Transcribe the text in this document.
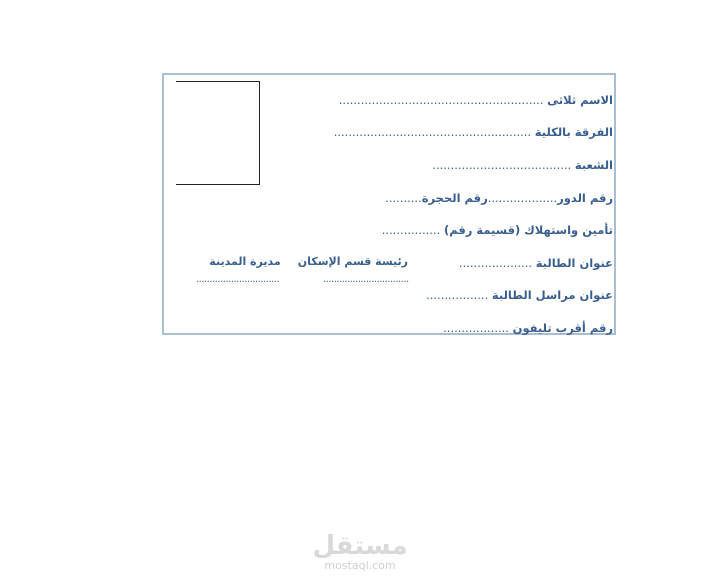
الاسم ثلاثى ........................................................
الفرقة بالكلية ......................................................
الشعبة ......................................
رقم الدور...................رقم الحجرة..........
تأمين واستهلاك (قسيمة رقم) ................
عنوان الطالبة ....................
عنوان مراسل الطالبة .................
رقم أقرب تليفون ..................
رئيسة قسم الإسكان
................................
مديرة المدينة
...............................
مستقل
mostaql.com
